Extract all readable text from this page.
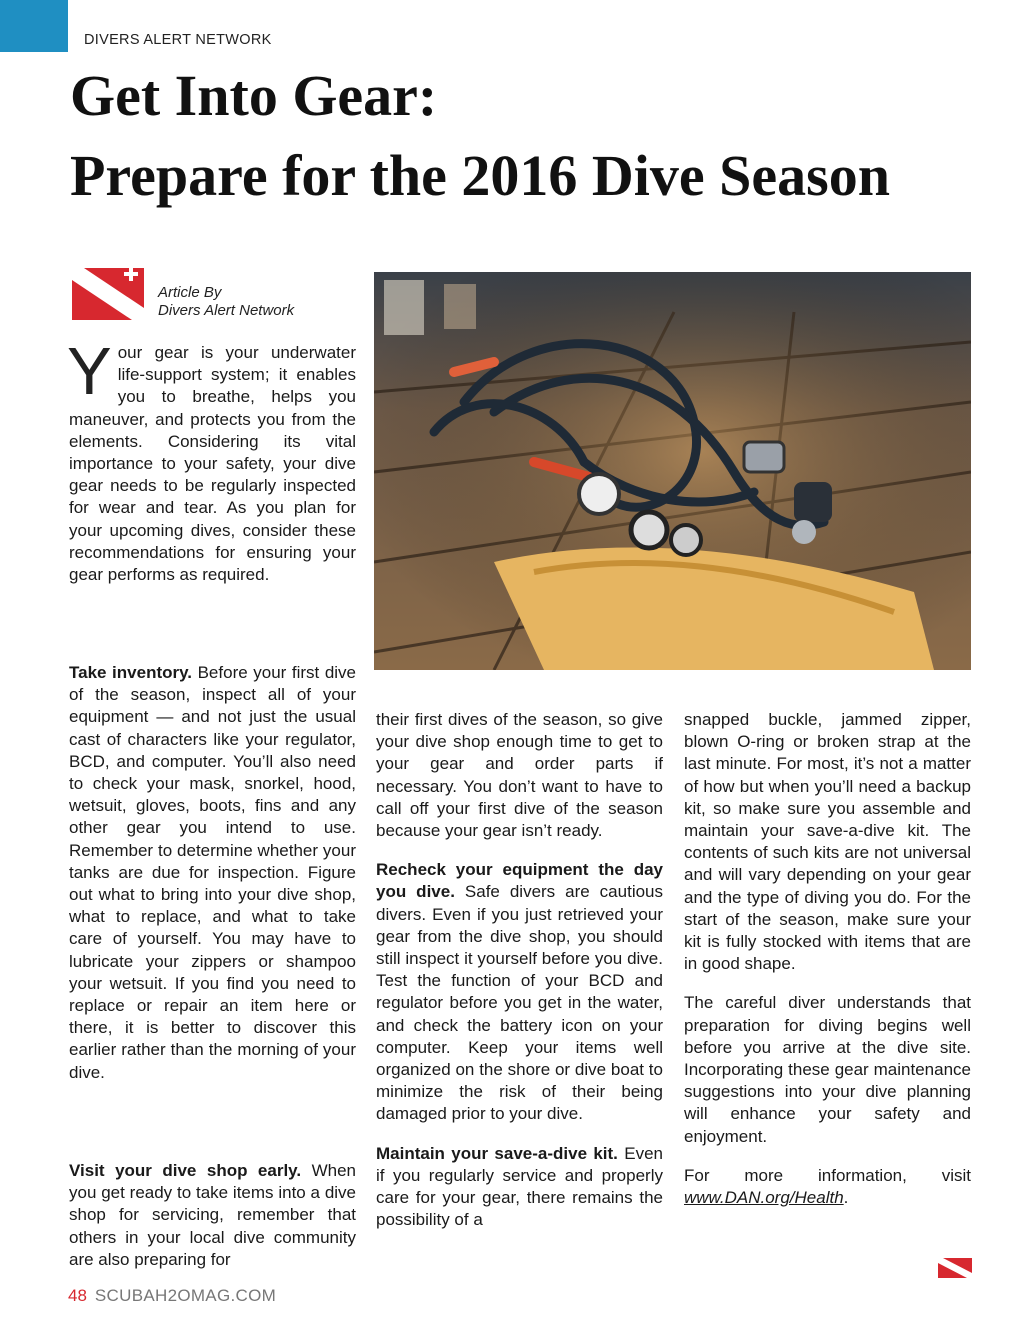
DIVERS ALERT NETWORK
Get Into Gear:
Prepare for the 2016 Dive Season
Article By
Divers Alert Network
Your gear is your underwater life-support system; it enables you to breathe, helps you maneuver, and protects you from the elements. Considering its vital importance to your safety, your dive gear needs to be regularly inspected for wear and tear. As you plan for your upcoming dives, consider these recommendations for ensuring your gear performs as required.

Take inventory. Before your first dive of the season, inspect all of your equipment — and not just the usual cast of characters like your regulator, BCD, and computer. You’ll also need to check your mask, snorkel, hood, wetsuit, gloves, boots, fins and any other gear you intend to use. Remember to determine whether your tanks are due for inspection. Figure out what to bring into your dive shop, what to replace, and what to take care of yourself. You may have to lubricate your zippers or shampoo your wetsuit. If you find you need to replace or repair an item here or there, it is better to discover this earlier rather than the morning of your dive.

Visit your dive shop early. When you get ready to take items into a dive shop for servicing, remember that others in your local dive community are also preparing for

their first dives of the season, so give your dive shop enough time to get to your gear and order parts if necessary. You don’t want to have to call off your first dive of the season because your gear isn’t ready.

Recheck your equipment the day you dive. Safe divers are cautious divers. Even if you just retrieved your gear from the dive shop, you should still inspect it yourself before you dive. Test the function of your BCD and regulator before you get in the water, and check the battery icon on your computer. Keep your items well organized on the shore or dive boat to minimize the risk of their being damaged prior to your dive.

Maintain your save-a-dive kit. Even if you regularly service and properly care for your gear, there remains the possibility of a

snapped buckle, jammed zipper, blown O-ring or broken strap at the last minute. For most, it’s not a matter of how but when you’ll need a backup kit, so make sure you assemble and maintain your save-a-dive kit. The contents of such kits are not universal and will vary depending on your gear and the type of diving you do. For the start of the season, make sure your kit is fully stocked with items that are in good shape.

The careful diver understands that preparation for diving begins well before you arrive at the dive site. Incorporating these gear maintenance suggestions into your dive planning will enhance your safety and enjoyment.

For more information, visit www.DAN.org/Health.

48 SCUBAH2OMAG.COM
